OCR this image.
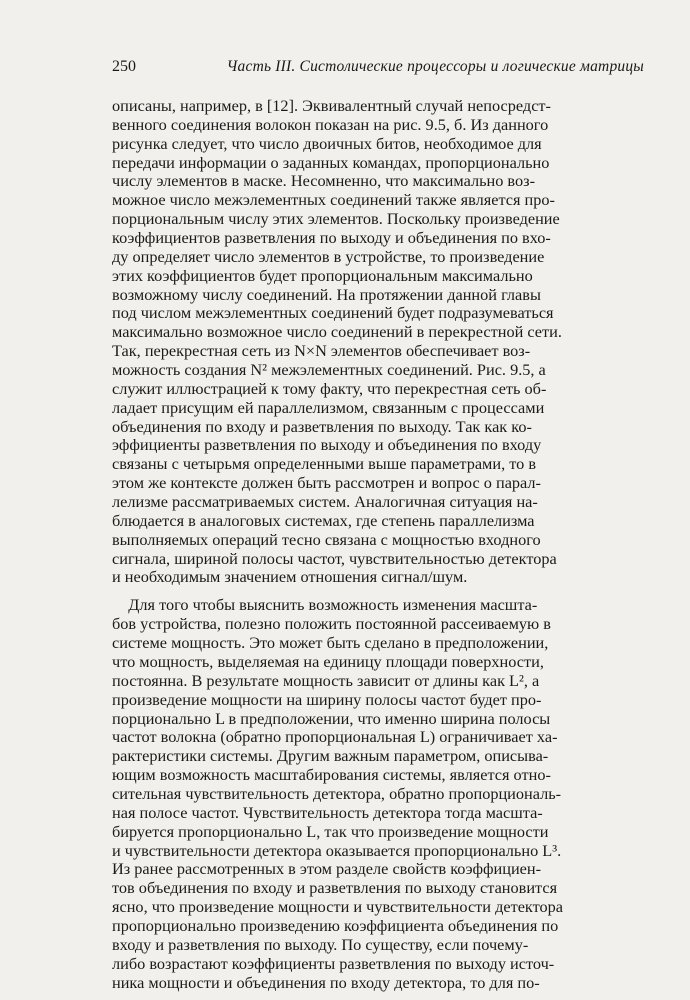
250	Часть III. Систолические процессоры и логические матрицы
описаны, например, в [12]. Эквивалентный случай непосредст-
венного соединения волокон показан на рис. 9.5, б. Из данного
рисунка следует, что число двоичных битов, необходимое для
передачи информации о заданных командах, пропорционально
числу элементов в маске. Несомненно, что максимально воз-
можное число межэлементных соединений также является про-
порциональным числу этих элементов. Поскольку произведение
коэффициентов разветвления по выходу и объединения по вхо-
ду определяет число элементов в устройстве, то произведение
этих коэффициентов будет пропорциональным максимально
возможному числу соединений. На протяжении данной главы
под числом межэлементных соединений будет подразумеваться
максимально возможное число соединений в перекрестной сети.
Так, перекрестная сеть из N×N элементов обеспечивает воз-
можность создания N² межэлементных соединений. Рис. 9.5, а
служит иллюстрацией к тому факту, что перекрестная сеть об-
ладает присущим ей параллелизмом, связанным с процессами
объединения по входу и разветвления по выходу. Так как ко-
эффициенты разветвления по выходу и объединения по входу
связаны с четырьмя определенными выше параметрами, то в
этом же контексте должен быть рассмотрен и вопрос о парал-
лелизме рассматриваемых систем. Аналогичная ситуация на-
блюдается в аналоговых системах, где степень параллелизма
выполняемых операций тесно связана с мощностью входного
сигнала, шириной полосы частот, чувствительностью детектора
и необходимым значением отношения сигнал/шум.
Для того чтобы выяснить возможность изменения масшта-
бов устройства, полезно положить постоянной рассеиваемую в
системе мощность. Это может быть сделано в предположении,
что мощность, выделяемая на единицу площади поверхности,
постоянна. В результате мощность зависит от длины как L², а
произведение мощности на ширину полосы частот будет про-
порционально L в предположении, что именно ширина полосы
частот волокна (обратно пропорциональная L) ограничивает ха-
рактеристики системы. Другим важным параметром, описыва-
ющим возможность масштабирования системы, является отно-
сительная чувствительность детектора, обратно пропорциональ-
ная полосе частот. Чувствительность детектора тогда масшта-
бируется пропорционально L, так что произведение мощности
и чувствительности детектора оказывается пропорционально L³.
Из ранее рассмотренных в этом разделе свойств коэффициен-
тов объединения по входу и разветвления по выходу становится
ясно, что произведение мощности и чувствительности детектора
пропорционально произведению коэффициента объединения по
входу и разветвления по выходу. По существу, если почему-
либо возрастают коэффициенты разветвления по выходу источ-
ника мощности и объединения по входу детектора, то для по-
